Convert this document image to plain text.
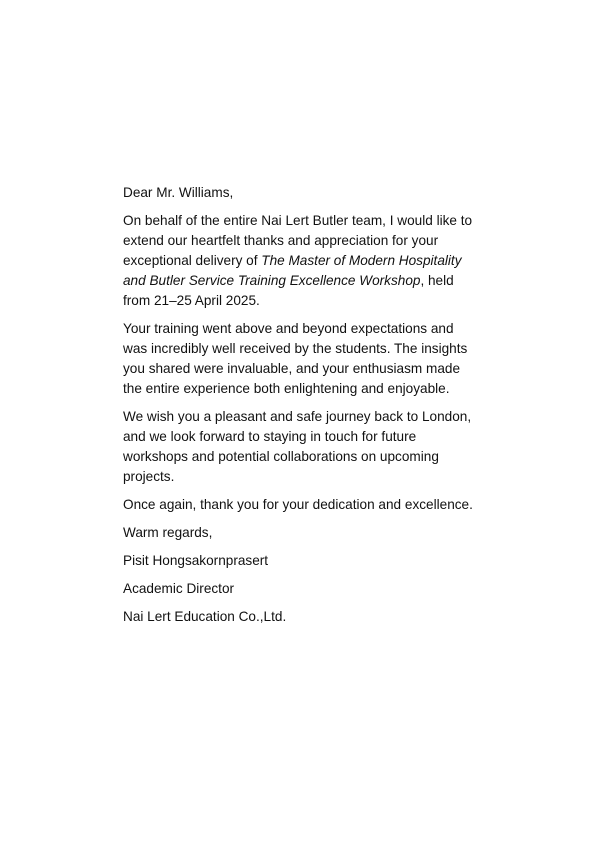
Dear Mr. Williams,

On behalf of the entire Nai Lert Butler team, I would like to extend our heartfelt thanks and appreciation for your exceptional delivery of The Master of Modern Hospitality and Butler Service Training Excellence Workshop, held from 21–25 April 2025.

Your training went above and beyond expectations and was incredibly well received by the students. The insights you shared were invaluable, and your enthusiasm made the entire experience both enlightening and enjoyable.

We wish you a pleasant and safe journey back to London, and we look forward to staying in touch for future workshops and potential collaborations on upcoming projects.

Once again, thank you for your dedication and excellence.

Warm regards,

Pisit Hongsakornprasert

Academic Director

Nai Lert Education Co.,Ltd.
